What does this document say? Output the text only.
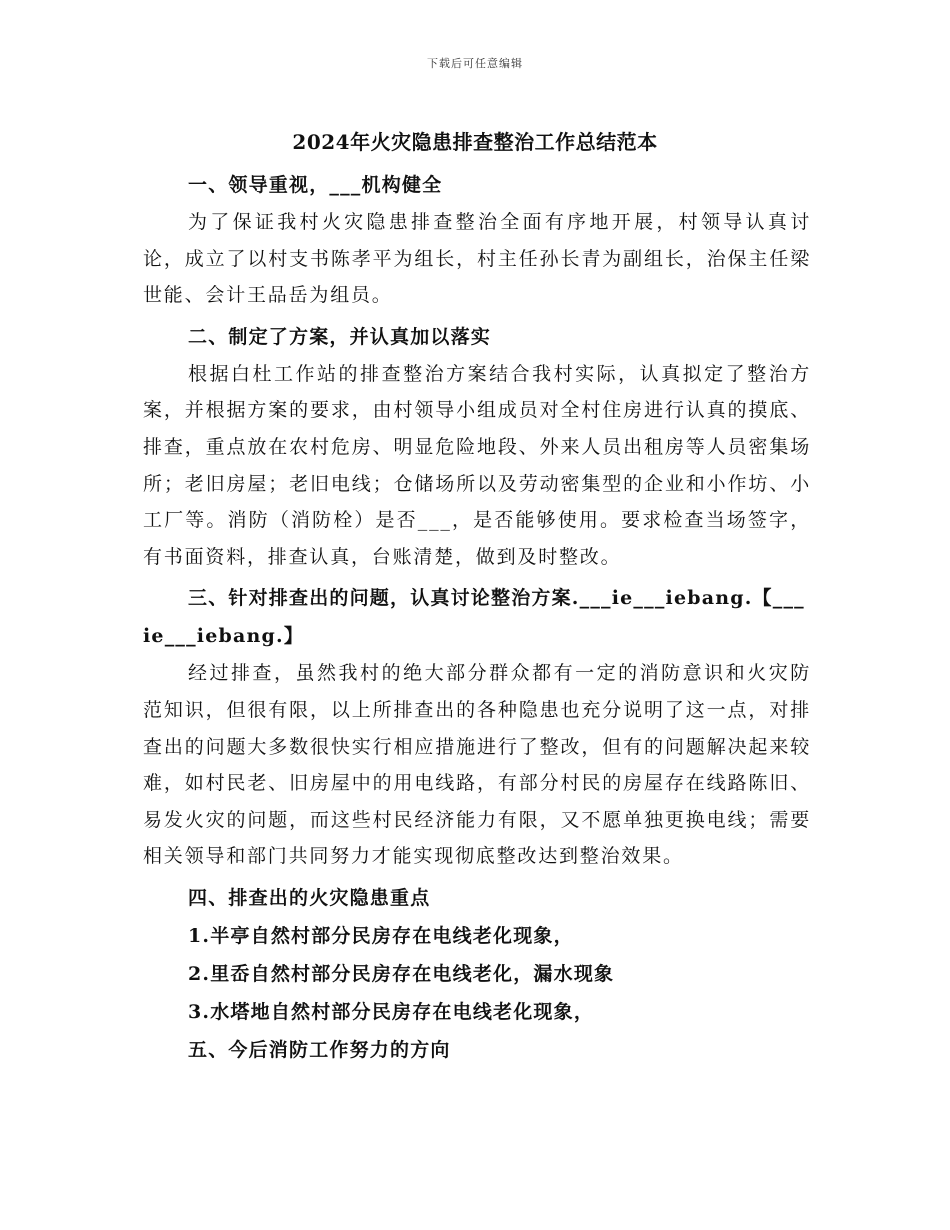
下载后可任意编辑
2024年火灾隐患排查整治工作总结范本
一、领导重视，___机构健全
为了保证我村火灾隐患排查整治全面有序地开展，村领导认真讨论，成立了以村支书陈孝平为组长，村主任孙长青为副组长，治保主任梁世能、会计王品岳为组员。
二、制定了方案，并认真加以落实
根据白杜工作站的排查整治方案结合我村实际，认真拟定了整治方案，并根据方案的要求，由村领导小组成员对全村住房进行认真的摸底、排查，重点放在农村危房、明显危险地段、外来人员出租房等人员密集场所；老旧房屋；老旧电线；仓储场所以及劳动密集型的企业和小作坊、小工厂等。消防（消防栓）是否___，是否能够使用。要求检查当场签字，有书面资料，排查认真，台账清楚，做到及时整改。
三、针对排查出的问题，认真讨论整治方案.___ie___iebang.【___ie___iebang.】
经过排查，虽然我村的绝大部分群众都有一定的消防意识和火灾防范知识，但很有限，以上所排查出的各种隐患也充分说明了这一点，对排查出的问题大多数很快实行相应措施进行了整改，但有的问题解决起来较难，如村民老、旧房屋中的用电线路，有部分村民的房屋存在线路陈旧、易发火灾的问题，而这些村民经济能力有限，又不愿单独更换电线；需要相关领导和部门共同努力才能实现彻底整改达到整治效果。
四、排查出的火灾隐患重点
1.半亭自然村部分民房存在电线老化现象，
2.里岙自然村部分民房存在电线老化，漏水现象
3.水塔地自然村部分民房存在电线老化现象，
五、今后消防工作努力的方向
